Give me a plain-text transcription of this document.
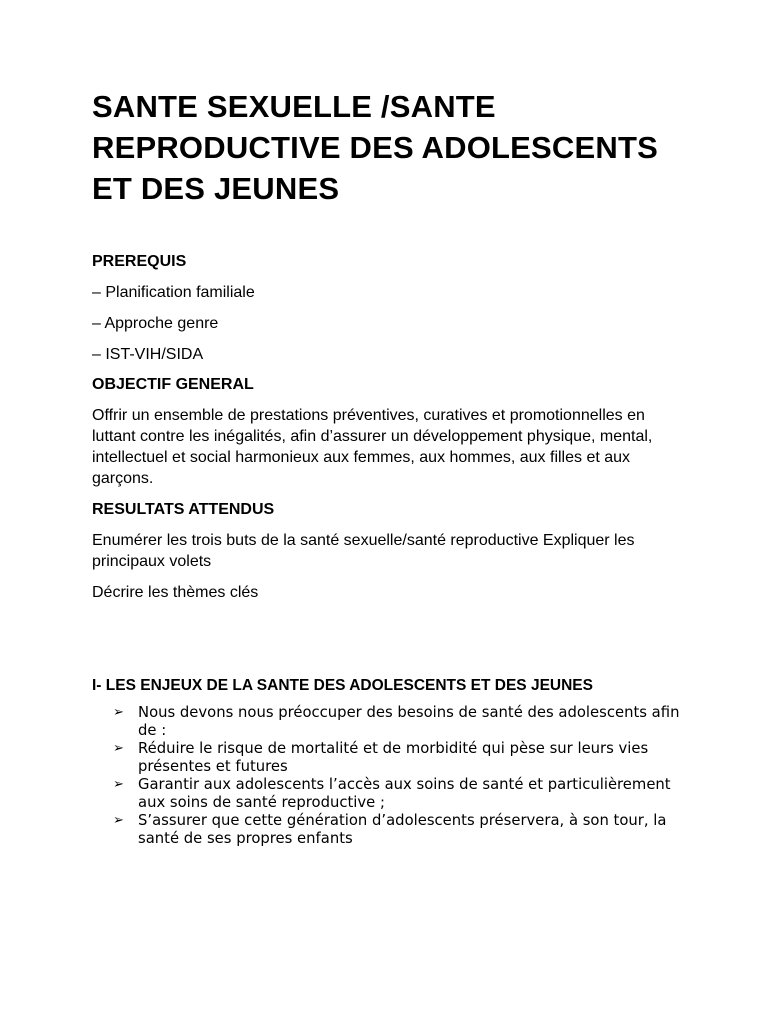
SANTE SEXUELLE /SANTE REPRODUCTIVE DES ADOLESCENTS ET DES JEUNES

PREREQUIS

– Planification familiale

– Approche genre

– IST-VIH/SIDA

OBJECTIF GENERAL

Offrir un ensemble de prestations préventives, curatives et promotionnelles en luttant contre les inégalités, afin d’assurer un développement physique, mental, intellectuel et social harmonieux aux femmes, aux hommes, aux filles et aux garçons.

RESULTATS ATTENDUS

Enumérer les trois buts de la santé sexuelle/santé reproductive Expliquer les principaux volets

Décrire les thèmes clés

I- LES ENJEUX DE LA SANTE DES ADOLESCENTS ET DES JEUNES

➢ Nous devons nous préoccuper des besoins de santé des adolescents afin de :
➢ Réduire le risque de mortalité et de morbidité qui pèse sur leurs vies présentes et futures
➢ Garantir aux adolescents l’accès aux soins de santé et particulièrement aux soins de santé reproductive ;
➢ S’assurer que cette génération d’adolescents préservera, à son tour, la santé de ses propres enfants
